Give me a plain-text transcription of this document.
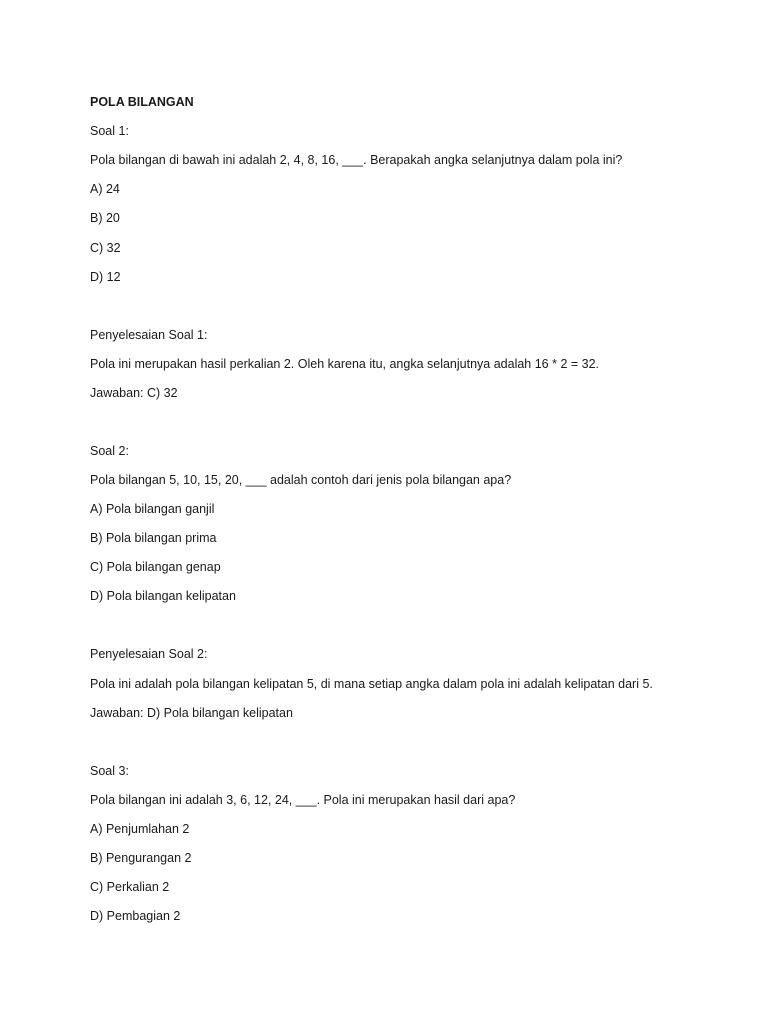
POLA BILANGAN
Soal 1:
Pola bilangan di bawah ini adalah 2, 4, 8, 16, ___. Berapakah angka selanjutnya dalam pola ini?
A) 24
B) 20
C) 32
D) 12
Penyelesaian Soal 1:
Pola ini merupakan hasil perkalian 2. Oleh karena itu, angka selanjutnya adalah 16 * 2 = 32.
Jawaban: C) 32
Soal 2:
Pola bilangan 5, 10, 15, 20, ___ adalah contoh dari jenis pola bilangan apa?
A) Pola bilangan ganjil
B) Pola bilangan prima
C) Pola bilangan genap
D) Pola bilangan kelipatan
Penyelesaian Soal 2:
Pola ini adalah pola bilangan kelipatan 5, di mana setiap angka dalam pola ini adalah kelipatan dari 5.
Jawaban: D) Pola bilangan kelipatan
Soal 3:
Pola bilangan ini adalah 3, 6, 12, 24, ___. Pola ini merupakan hasil dari apa?
A) Penjumlahan 2
B) Pengurangan 2
C) Perkalian 2
D) Pembagian 2
